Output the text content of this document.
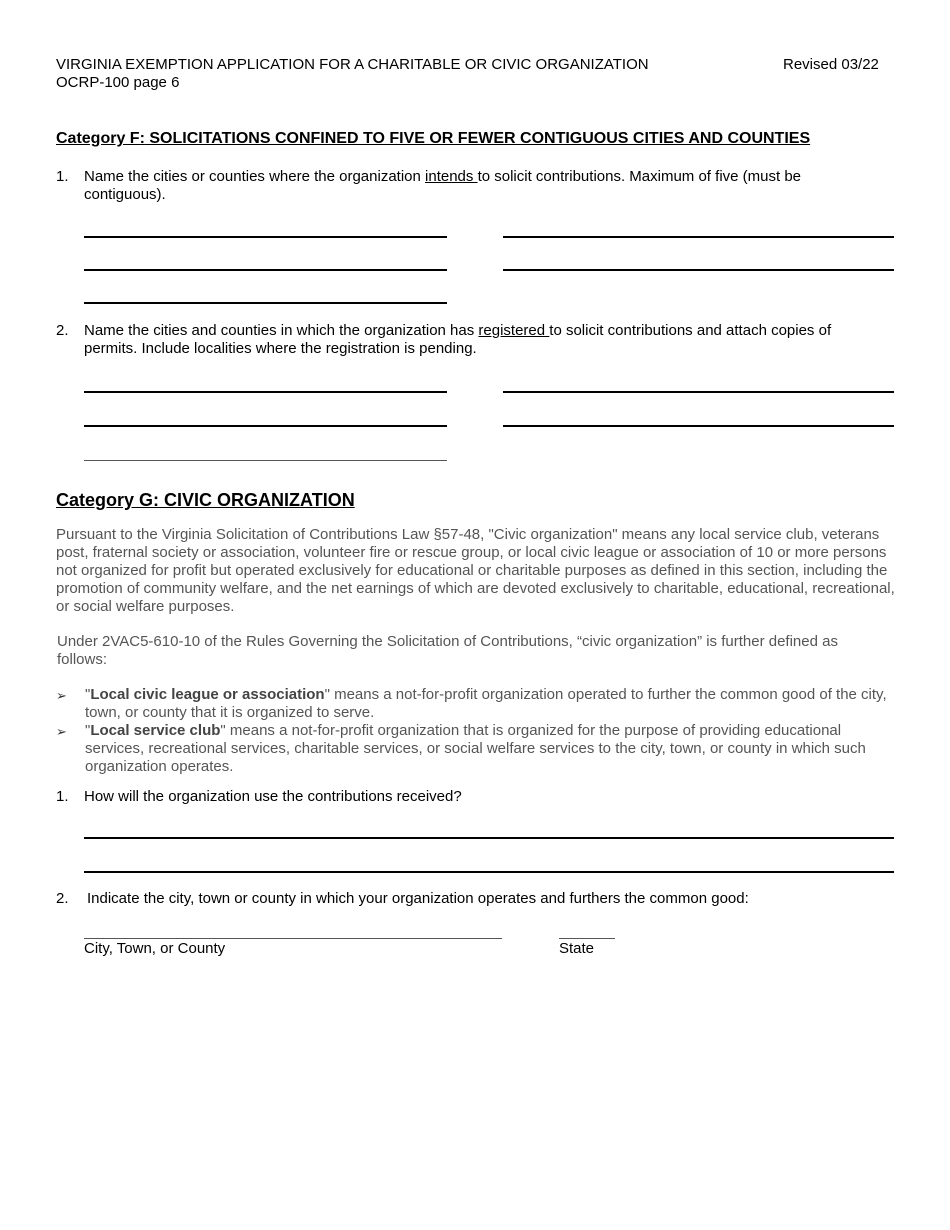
VIRGINIA EXEMPTION APPLICATION FOR A CHARITABLE OR CIVIC ORGANIZATION
OCRP-100 page 6
Revised 03/22
Category F: SOLICITATIONS CONFINED TO FIVE OR FEWER CONTIGUOUS CITIES AND COUNTIES
1. Name the cities or counties where the organization intends to solicit contributions. Maximum of five (must be contiguous).
2. Name the cities and counties in which the organization has registered to solicit contributions and attach copies of permits. Include localities where the registration is pending.
Category G: CIVIC ORGANIZATION
Pursuant to the Virginia Solicitation of Contributions Law §57-48, "Civic organization" means any local service club, veterans post, fraternal society or association, volunteer fire or rescue group, or local civic league or association of 10 or more persons not organized for profit but operated exclusively for educational or charitable purposes as defined in this section, including the promotion of community welfare, and the net earnings of which are devoted exclusively to charitable, educational, recreational, or social welfare purposes.
Under 2VAC5-610-10 of the Rules Governing the Solicitation of Contributions, “civic organization” is further defined as follows:
➢ "Local civic league or association" means a not-for-profit organization operated to further the common good of the city, town, or county that it is organized to serve.
➢ "Local service club" means a not-for-profit organization that is organized for the purpose of providing educational services, recreational services, charitable services, or social welfare services to the city, town, or county in which such organization operates.
1. How will the organization use the contributions received?
2. Indicate the city, town or county in which your organization operates and furthers the common good:
City, Town, or County	State
